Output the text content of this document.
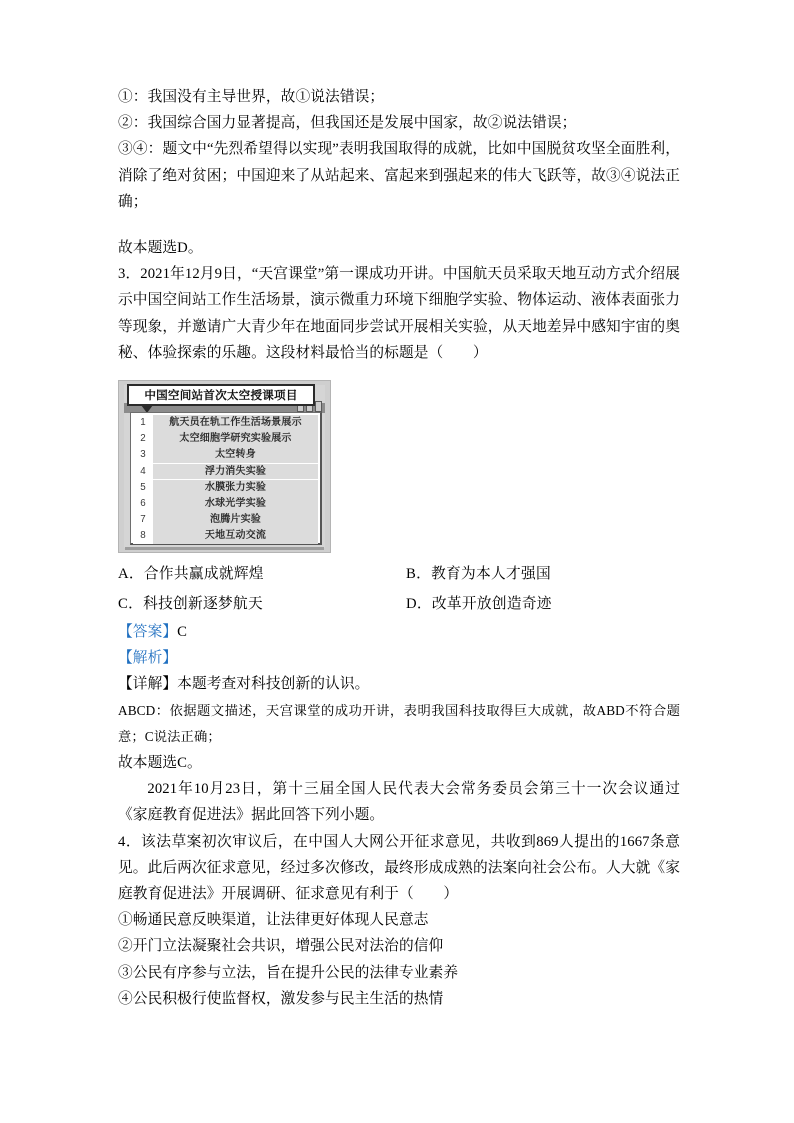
①：我国没有主导世界，故①说法错误；

②：我国综合国力显著提高，但我国还是发展中国家，故②说法错误；

③④：题文中“先烈希望得以实现”表明我国取得的成就，比如中国脱贫攻坚全面胜利，消除了绝对贫困；中国迎来了从站起来、富起来到强起来的伟大飞跃等，故③④说法正确；

故本题选D。

3．2021年12月9日，“天宫课堂”第一课成功开讲。中国航天员采取天地互动方式介绍展示中国空间站工作生活场景，演示微重力环境下细胞学实验、物体运动、液体表面张力等现象，并邀请广大青少年在地面同步尝试开展相关实验，从天地差异中感知宇宙的奥秘、体验探索的乐趣。这段材料最恰当的标题是（　　）

中国空间站首次太空授课项目
1	航天员在轨工作生活场景展示
2	太空细胞学研究实验展示
3	太空转身
4	浮力消失实验
5	水膜张力实验
6	水球光学实验
7	泡腾片实验
8	天地互动交流
A．合作共赢成就辉煌	B．教育为本人才强国
C．科技创新逐梦航天	D．改革开放创造奇迹

【答案】C

【解析】

【详解】本题考查对科技创新的认识。

ABCD：依据题文描述，天宫课堂的成功开讲，表明我国科技取得巨大成就，故ABD不符合题意；C说法正确；

故本题选C。

2021年10月23日，第十三届全国人民代表大会常务委员会第三十一次会议通过《家庭教育促进法》据此回答下列小题。

4．该法草案初次审议后，在中国人大网公开征求意见，共收到869人提出的1667条意见。此后两次征求意见，经过多次修改，最终形成成熟的法案向社会公布。人大就《家庭教育促进法》开展调研、征求意见有利于（　　）

①畅通民意反映渠道，让法律更好体现人民意志

②开门立法凝聚社会共识，增强公民对法治的信仰

③公民有序参与立法，旨在提升公民的法律专业素养

④公民积极行使监督权，激发参与民主生活的热情
